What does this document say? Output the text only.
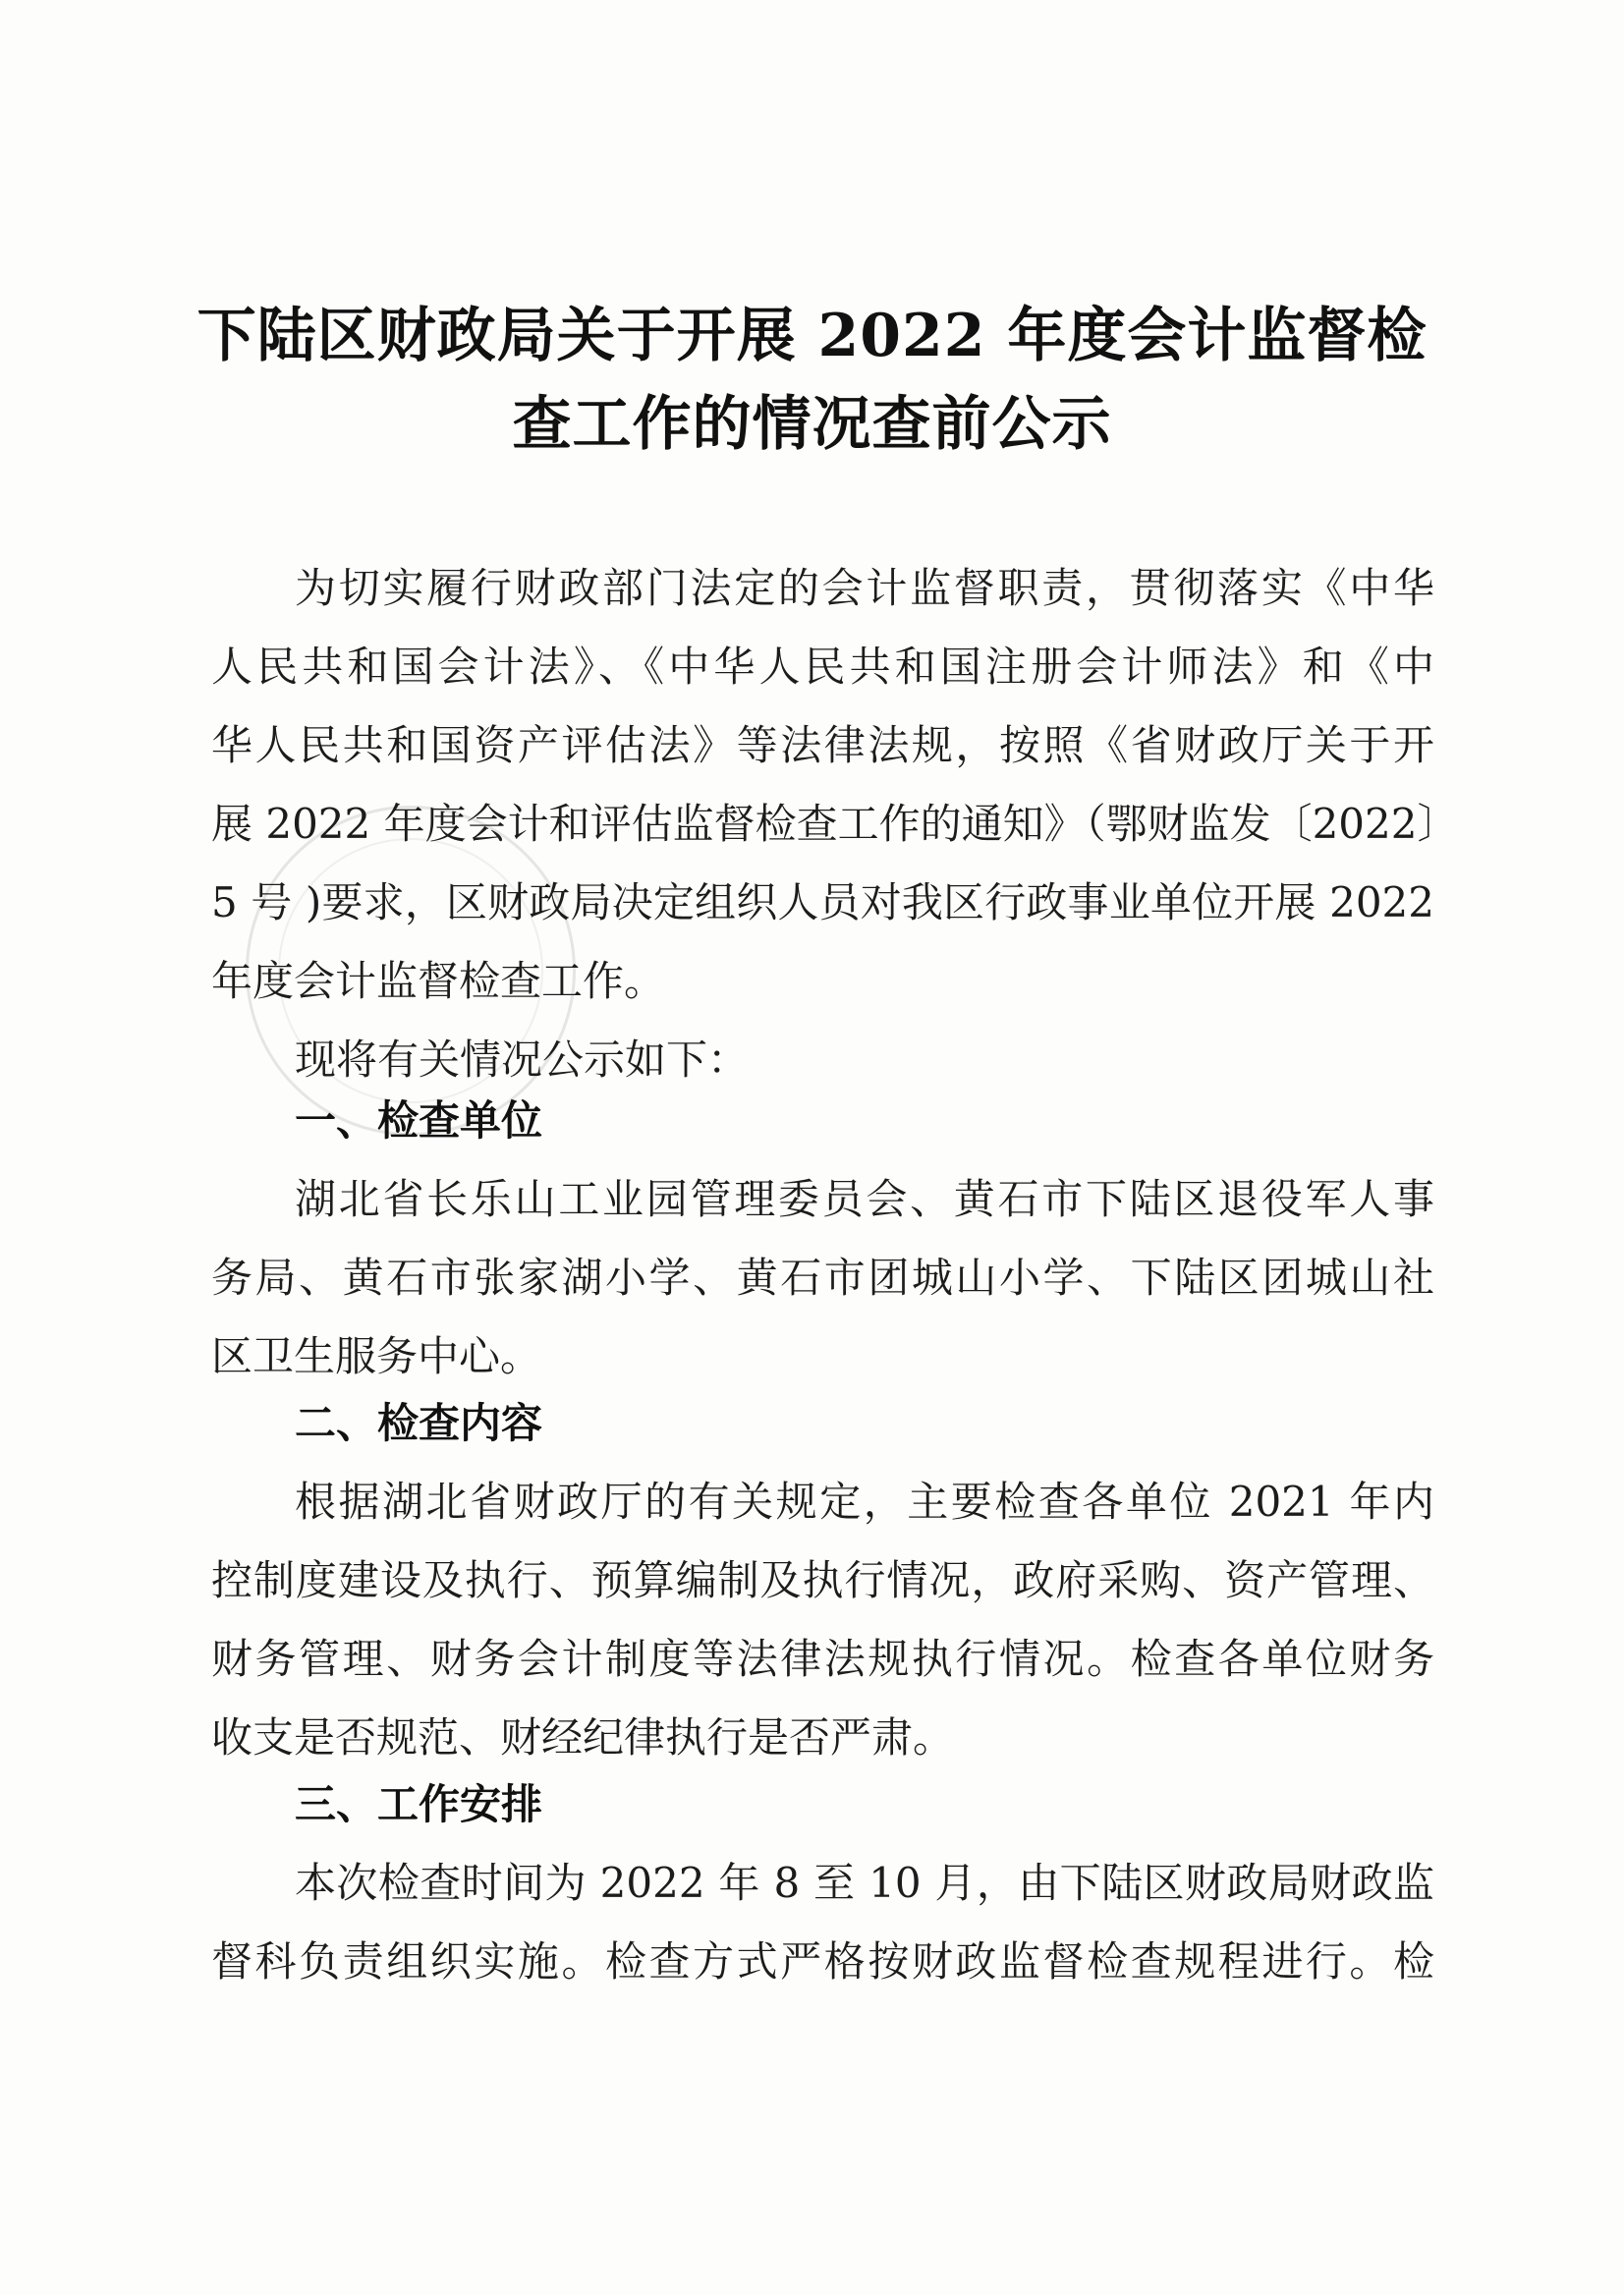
下陆区财政局关于开展 2022 年度会计监督检
查工作的情况查前公示
为切实履行财政部门法定的会计监督职责，贯彻落实《中华
人民共和国会计法》、《中华人民共和国注册会计师法》和《中
华人民共和国资产评估法》等法律法规，按照《省财政厅关于开
展 2022 年度会计和评估监督检查工作的通知》（鄂财监发〔2022〕
5 号 )要求，区财政局决定组织人员对我区行政事业单位开展 2022
年度会计监督检查工作。
现将有关情况公示如下：
一、检查单位
湖北省长乐山工业园管理委员会、黄石市下陆区退役军人事
务局、黄石市张家湖小学、黄石市团城山小学、下陆区团城山社
区卫生服务中心。
二、检查内容
根据湖北省财政厅的有关规定，主要检查各单位 2021 年内
控制度建设及执行、预算编制及执行情况，政府采购、资产管理、
财务管理、财务会计制度等法律法规执行情况。检查各单位财务
收支是否规范、财经纪律执行是否严肃。
三、工作安排
本次检查时间为 2022 年 8 至 10 月，由下陆区财政局财政监
督科负责组织实施。检查方式严格按财政监督检查规程进行。检
